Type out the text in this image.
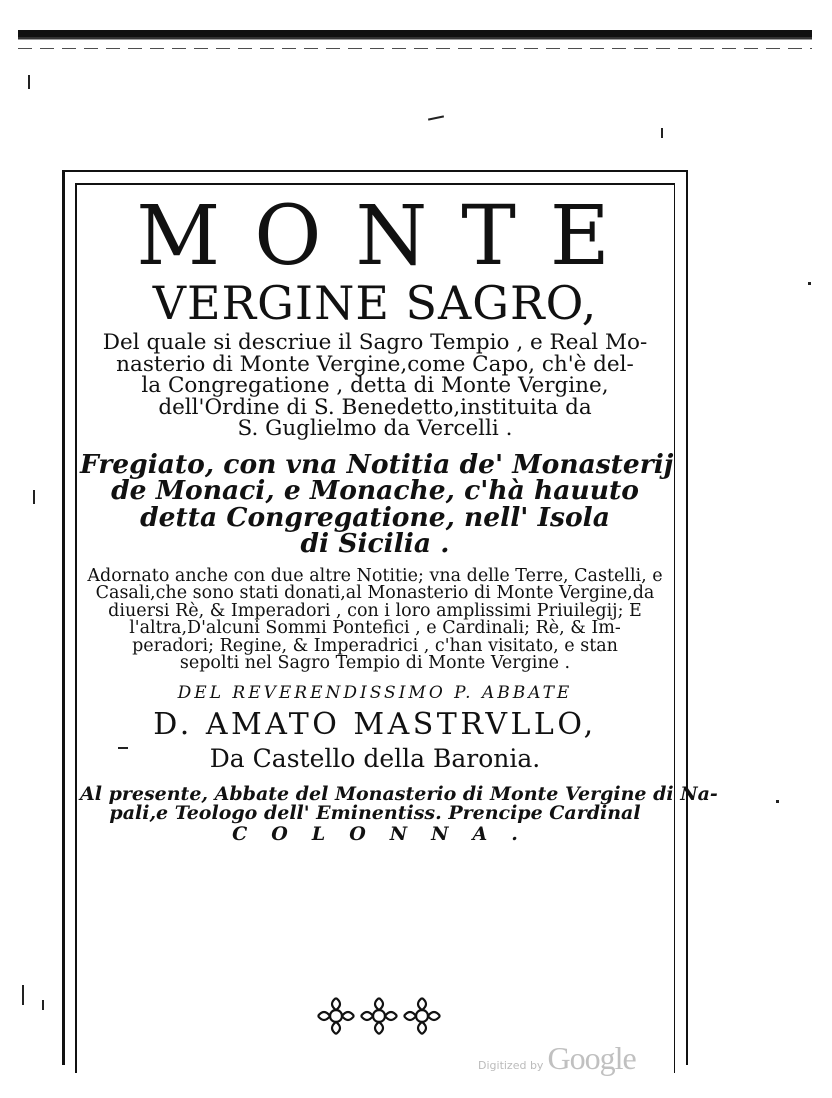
MONTE
VERGINE SAGRO,
Del quale si descriue il Sagro Tempio , e Real Mo-
nasterio di Monte Vergine,come Capo, ch'è del-
la Congregatione , detta di Monte Vergine,
dell'Ordine di S. Benedetto,instituita da
S. Guglielmo da Vercelli .
Fregiato, con vna Notitia de' Monasterij
de Monaci, e Monache, c'hà hauuto
detta Congregatione, nell' Isola
di Sicilia .
Adornato anche con due altre Notitie; vna delle Terre, Castelli, e
Casali,che sono stati donati,al Monasterio di Monte Vergine,da
diuersi Rè, & Imperadori , con i loro amplissimi Priuilegij; E
l'altra,D'alcuni Sommi Pontefici , e Cardinali; Rè, & Im-
peradori; Regine, & Imperadrici , c'han visitato, e stan
sepolti nel Sagro Tempio di Monte Vergine .
DEL REVERENDISSIMO P. ABBATE
D. AMATO MASTRVLLO,
Da Castello della Baronia.
Al presente, Abbate del Monasterio di Monte Vergine di Na-
pali,e Teologo dell' Eminentiss. Prencipe Cardinal
COLONNA.
Digitized by Google
